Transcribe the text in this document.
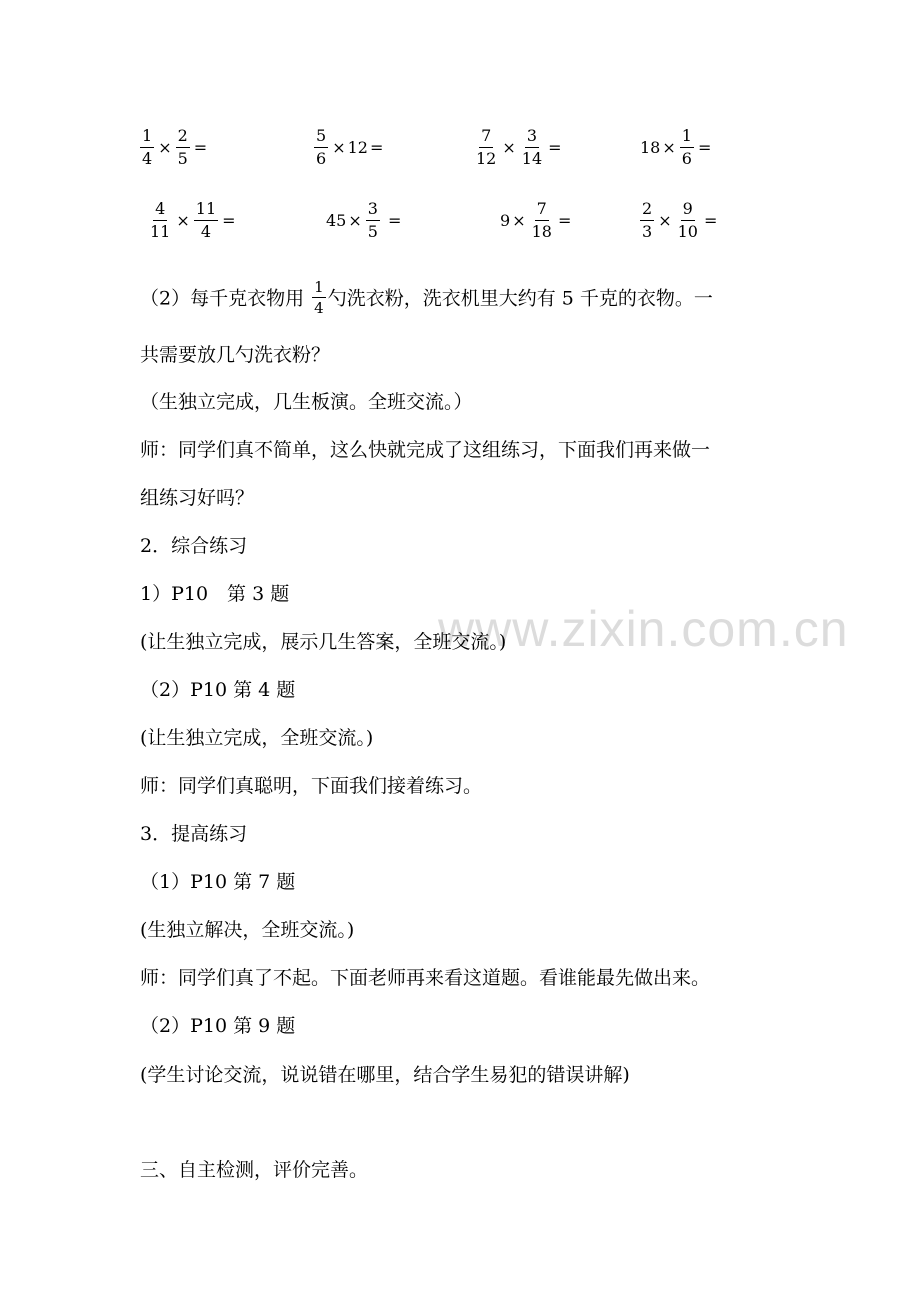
www.zixin.com.cn
$\frac{1}{4} \times \frac{2}{5}$ =	$\frac{5}{6} \times 12$ =	$\frac{7}{12} \times \frac{3}{14}$ =	$18 \times \frac{1}{6}$ =
$\frac{4}{11} \times \frac{11}{4}$ =	$45 \times \frac{3}{5}$ =	$9 \times \frac{7}{18}$ =	$\frac{2}{3} \times \frac{9}{10}$ =
（2）每千克衣物用 $\frac{1}{4}$ 勺洗衣粉，洗衣机里大约有 5 千克的衣物。一
共需要放几勺洗衣粉？
（生独立完成，几生板演。全班交流。）
师：同学们真不简单，这么快就完成了这组练习，下面我们再来做一
组练习好吗？
2．综合练习
1）P10　第 3 题
(让生独立完成，展示几生答案，全班交流。)
（2）P10 第 4 题
(让生独立完成，全班交流。)
师：同学们真聪明，下面我们接着练习。
3．提高练习
（1）P10 第 7 题
(生独立解决，全班交流。)
师：同学们真了不起。下面老师再来看这道题。看谁能最先做出来。
（2）P10 第 9 题
(学生讨论交流，说说错在哪里，结合学生易犯的错误讲解)
三、自主检测，评价完善。
